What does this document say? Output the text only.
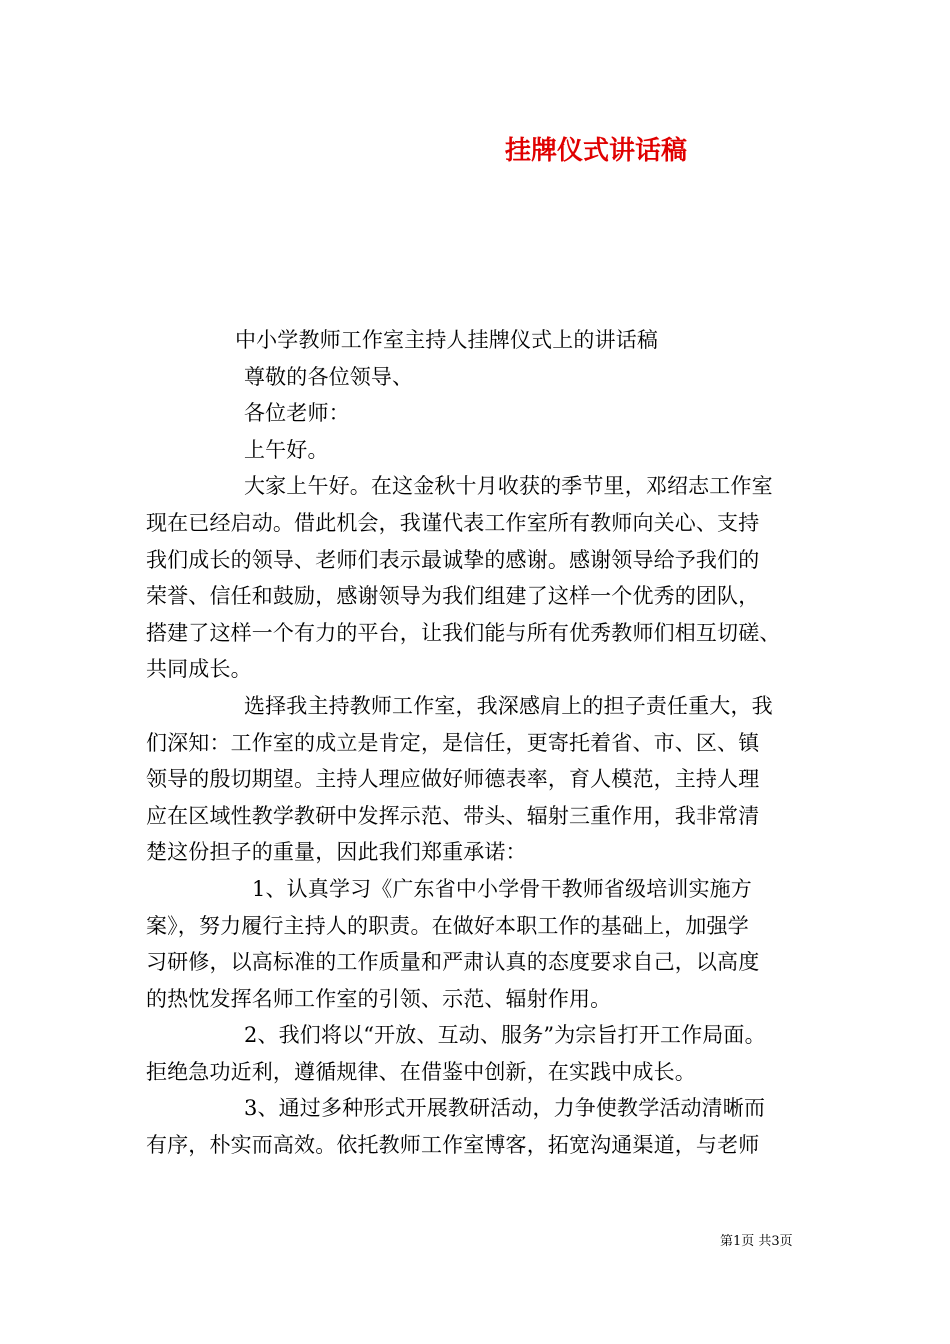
挂牌仪式讲话稿
中小学教师工作室主持人挂牌仪式上的讲话稿
尊敬的各位领导、
各位老师：
上午好。
大家上午好。在这金秋十月收获的季节里，邓绍志工作室
现在已经启动。借此机会，我谨代表工作室所有教师向关心、支持
我们成长的领导、老师们表示最诚挚的感谢。感谢领导给予我们的
荣誉、信任和鼓励，感谢领导为我们组建了这样一个优秀的团队，
搭建了这样一个有力的平台，让我们能与所有优秀教师们相互切磋、
共同成长。
选择我主持教师工作室，我深感肩上的担子责任重大，我
们深知：工作室的成立是肯定，是信任，更寄托着省、市、区、镇
领导的殷切期望。主持人理应做好师德表率，育人模范，主持人理
应在区域性教学教研中发挥示范、带头、辐射三重作用，我非常清
楚这份担子的重量，因此我们郑重承诺：
1、认真学习《广东省中小学骨干教师省级培训实施方
案》，努力履行主持人的职责。在做好本职工作的基础上，加强学
习研修，以高标准的工作质量和严肃认真的态度要求自己，以高度
的热忱发挥名师工作室的引领、示范、辐射作用。
2、我们将以“开放、互动、服务”为宗旨打开工作局面。
拒绝急功近利，遵循规律、在借鉴中创新，在实践中成长。
3、通过多种形式开展教研活动，力争使教学活动清晰而
有序，朴实而高效。依托教师工作室博客，拓宽沟通渠道，与老师
第1页 共3页
